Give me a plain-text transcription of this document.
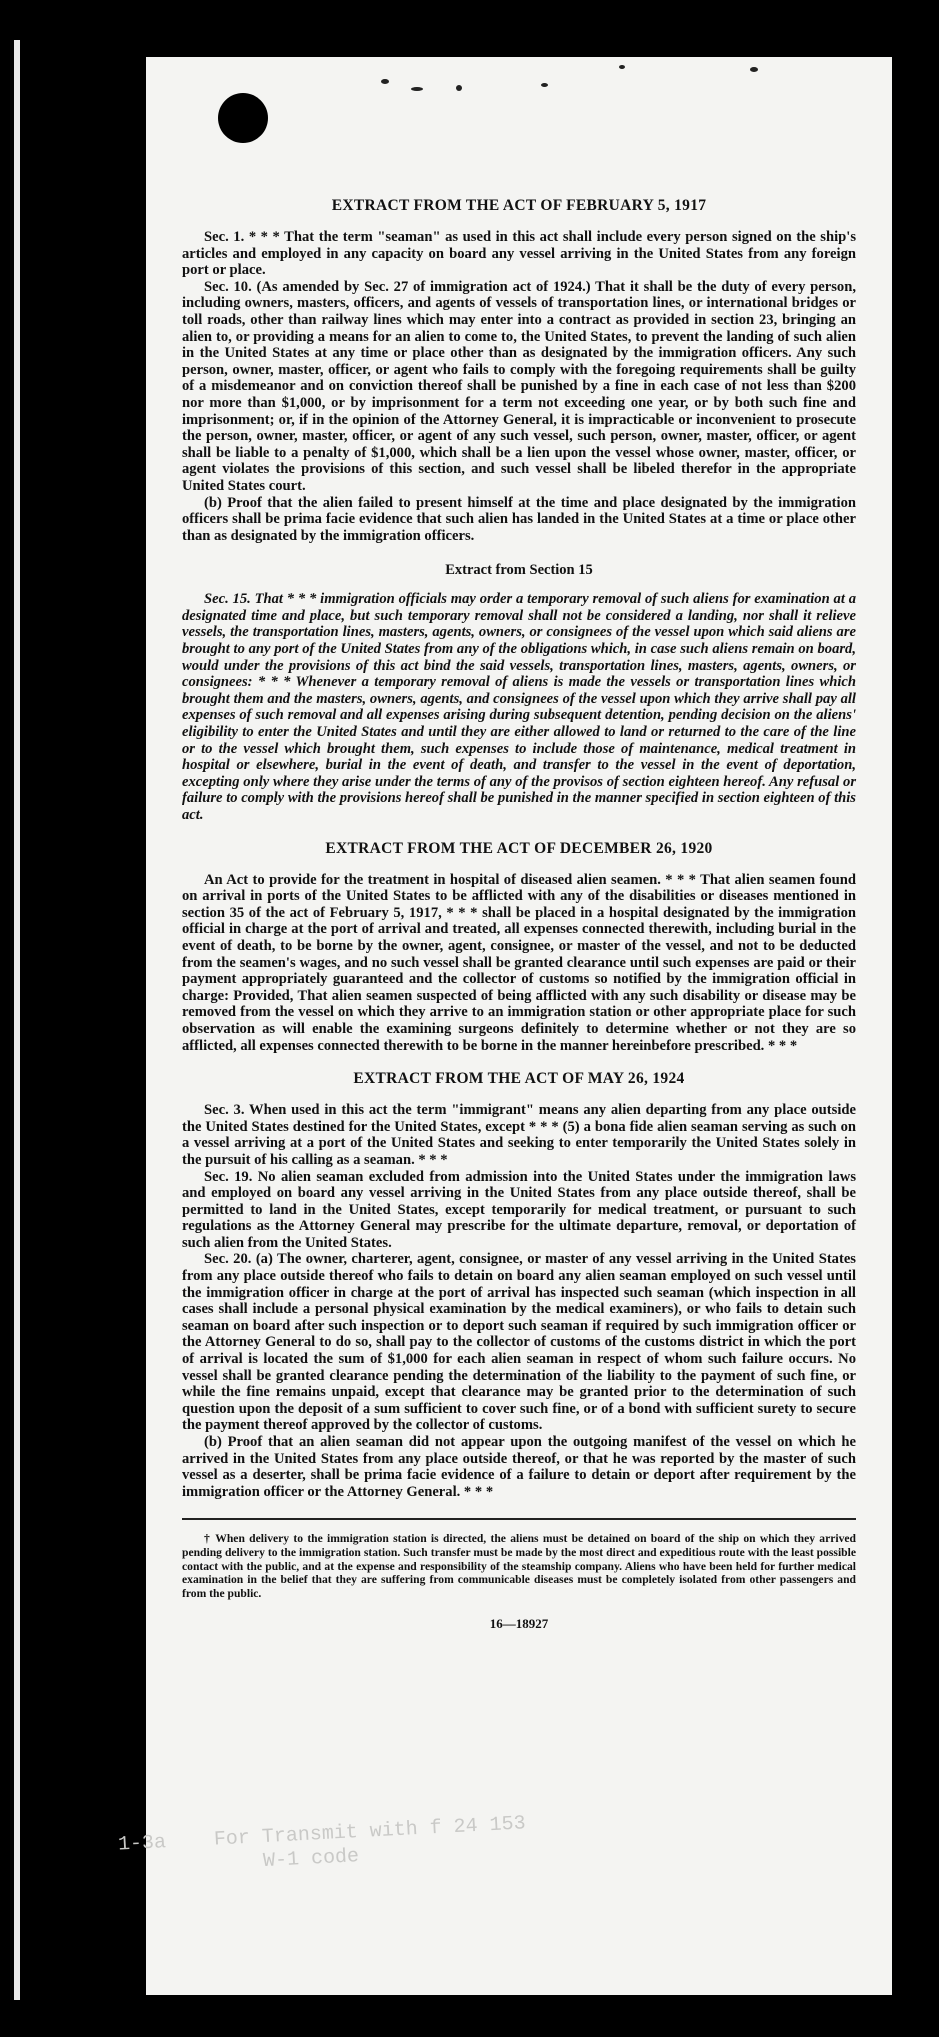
EXTRACT FROM THE ACT OF FEBRUARY 5, 1917

Sec. 1. * * * That the term "seaman" as used in this act shall include every person signed on the ship's articles and employed in any capacity on board any vessel arriving in the United States from any foreign port or place.

Sec. 10. (As amended by Sec. 27 of immigration act of 1924.) That it shall be the duty of every person, including owners, masters, officers, and agents of vessels of transportation lines, or international bridges or toll roads, other than railway lines which may enter into a contract as provided in section 23, bringing an alien to, or providing a means for an alien to come to, the United States, to prevent the landing of such alien in the United States at any time or place other than as designated by the immigration officers. Any such person, owner, master, officer, or agent who fails to comply with the foregoing requirements shall be guilty of a misdemeanor and on conviction thereof shall be punished by a fine in each case of not less than $200 nor more than $1,000, or by imprisonment for a term not exceeding one year, or by both such fine and imprisonment; or, if in the opinion of the Attorney General, it is impracticable or inconvenient to prosecute the person, owner, master, officer, or agent of any such vessel, such person, owner, master, officer, or agent shall be liable to a penalty of $1,000, which shall be a lien upon the vessel whose owner, master, officer, or agent violates the provisions of this section, and such vessel shall be libeled therefor in the appropriate United States court.

(b) Proof that the alien failed to present himself at the time and place designated by the immigration officers shall be prima facie evidence that such alien has landed in the United States at a time or place other than as designated by the immigration officers.

Extract from Section 15

Sec. 15. That * * * immigration officials may order a temporary removal of such aliens for examination at a designated time and place, but such temporary removal shall not be considered a landing, nor shall it relieve vessels, the transportation lines, masters, agents, owners, or consignees of the vessel upon which said aliens are brought to any port of the United States from any of the obligations which, in case such aliens remain on board, would under the provisions of this act bind the said vessels, transportation lines, masters, agents, owners, or consignees: * * * Whenever a temporary removal of aliens is made the vessels or transportation lines which brought them and the masters, owners, agents, and consignees of the vessel upon which they arrive shall pay all expenses of such removal and all expenses arising during subsequent detention, pending decision on the aliens' eligibility to enter the United States and until they are either allowed to land or returned to the care of the line or to the vessel which brought them, such expenses to include those of maintenance, medical treatment in hospital or elsewhere, burial in the event of death, and transfer to the vessel in the event of deportation, excepting only where they arise under the terms of any of the provisos of section eighteen hereof. Any refusal or failure to comply with the provisions hereof shall be punished in the manner specified in section eighteen of this act.

EXTRACT FROM THE ACT OF DECEMBER 26, 1920

An Act to provide for the treatment in hospital of diseased alien seamen. * * * That alien seamen found on arrival in ports of the United States to be afflicted with any of the disabilities or diseases mentioned in section 35 of the act of February 5, 1917, * * * shall be placed in a hospital designated by the immigration official in charge at the port of arrival and treated, all expenses connected therewith, including burial in the event of death, to be borne by the owner, agent, consignee, or master of the vessel, and not to be deducted from the seamen's wages, and no such vessel shall be granted clearance until such expenses are paid or their payment appropriately guaranteed and the collector of customs so notified by the immigration official in charge: Provided, That alien seamen suspected of being afflicted with any such disability or disease may be removed from the vessel on which they arrive to an immigration station or other appropriate place for such observation as will enable the examining surgeons definitely to determine whether or not they are so afflicted, all expenses connected therewith to be borne in the manner hereinbefore prescribed. * * *

EXTRACT FROM THE ACT OF MAY 26, 1924

Sec. 3. When used in this act the term "immigrant" means any alien departing from any place outside the United States destined for the United States, except * * * (5) a bona fide alien seaman serving as such on a vessel arriving at a port of the United States and seeking to enter temporarily the United States solely in the pursuit of his calling as a seaman. * * *

Sec. 19. No alien seaman excluded from admission into the United States under the immigration laws and employed on board any vessel arriving in the United States from any place outside thereof, shall be permitted to land in the United States, except temporarily for medical treatment, or pursuant to such regulations as the Attorney General may prescribe for the ultimate departure, removal, or deportation of such alien from the United States.

Sec. 20. (a) The owner, charterer, agent, consignee, or master of any vessel arriving in the United States from any place outside thereof who fails to detain on board any alien seaman employed on such vessel until the immigration officer in charge at the port of arrival has inspected such seaman (which inspection in all cases shall include a personal physical examination by the medical examiners), or who fails to detain such seaman on board after such inspection or to deport such seaman if required by such immigration officer or the Attorney General to do so, shall pay to the collector of customs of the customs district in which the port of arrival is located the sum of $1,000 for each alien seaman in respect of whom such failure occurs. No vessel shall be granted clearance pending the determination of the liability to the payment of such fine, or while the fine remains unpaid, except that clearance may be granted prior to the determination of such question upon the deposit of a sum sufficient to cover such fine, or of a bond with sufficient surety to secure the payment thereof approved by the collector of customs.

(b) Proof that an alien seaman did not appear upon the outgoing manifest of the vessel on which he arrived in the United States from any place outside thereof, or that he was reported by the master of such vessel as a deserter, shall be prima facie evidence of a failure to detain or deport after requirement by the immigration officer or the Attorney General. * * *

† When delivery to the immigration station is directed, the aliens must be detained on board of the ship on which they arrived pending delivery to the immigration station. Such transfer must be made by the most direct and expeditious route with the least possible contact with the public, and at the expense and responsibility of the steamship company. Aliens who have been held for further medical examination in the belief that they are suffering from communicable diseases must be completely isolated from other passengers and from the public.

16—18927
1-3a    For Transmit with f 24 153
W-1 code
